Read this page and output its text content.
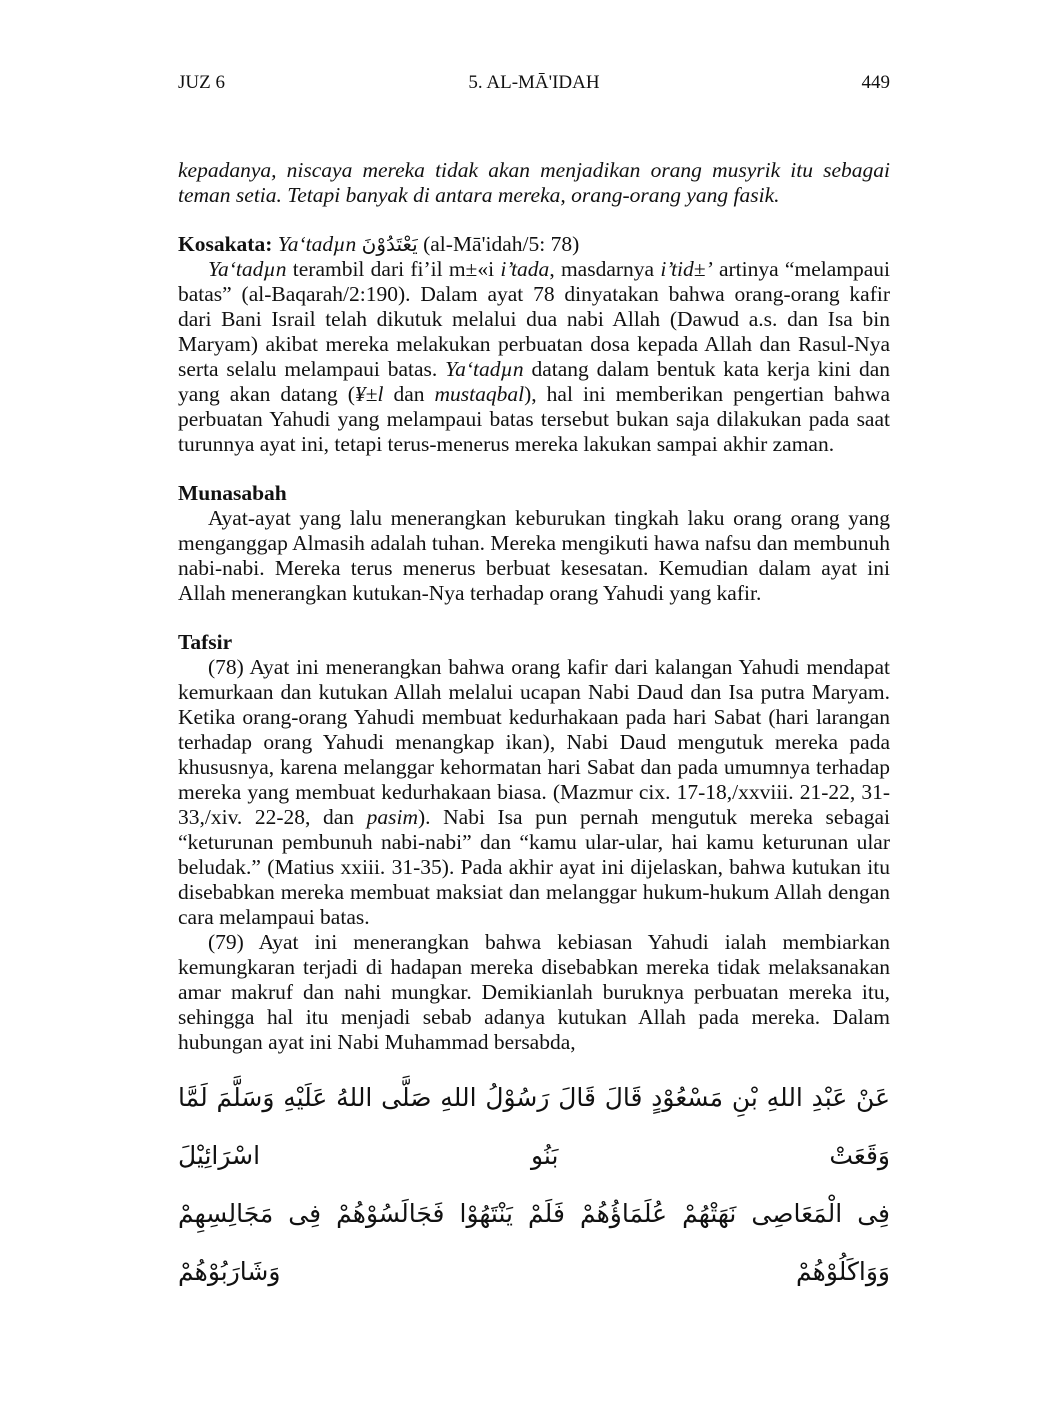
JUZ 6	5. AL-MĀ'IDAH	449

kepadanya, niscaya mereka tidak akan menjadikan orang musyrik itu sebagai teman setia. Tetapi banyak di antara mereka, orang-orang yang fasik.

Kosakata: Ya‘tadµn يَعْتَدُوْنَ (al-Mā'idah/5: 78)

Ya‘tadµn terambil dari fi’il m±«i i’tada, masdarnya i’tid±’ artinya “melampaui batas” (al-Baqarah/2:190). Dalam ayat 78 dinyatakan bahwa orang-orang kafir dari Bani Israil telah dikutuk melalui dua nabi Allah (Dawud a.s. dan Isa bin Maryam) akibat mereka melakukan perbuatan dosa kepada Allah dan Rasul-Nya serta selalu melampaui batas. Ya‘tadµn datang dalam bentuk kata kerja kini dan yang akan datang (¥±l dan mustaqbal), hal ini memberikan pengertian bahwa perbuatan Yahudi yang melampaui batas tersebut bukan saja dilakukan pada saat turunnya ayat ini, tetapi terus-menerus mereka lakukan sampai akhir zaman.

Munasabah

Ayat-ayat yang lalu menerangkan keburukan tingkah laku orang orang yang menganggap Almasih adalah tuhan. Mereka mengikuti hawa nafsu dan membunuh nabi-nabi. Mereka terus menerus berbuat kesesatan. Kemudian dalam ayat ini Allah menerangkan kutukan-Nya terhadap orang Yahudi yang kafir.

Tafsir

(78) Ayat ini menerangkan bahwa orang kafir dari kalangan Yahudi mendapat kemurkaan dan kutukan Allah melalui ucapan Nabi Daud dan Isa putra Maryam. Ketika orang-orang Yahudi membuat kedurhakaan pada hari Sabat (hari larangan terhadap orang Yahudi menangkap ikan), Nabi Daud mengutuk mereka pada khususnya, karena melanggar kehormatan hari Sabat dan pada umumnya terhadap mereka yang membuat kedurhakaan biasa. (Mazmur cix. 17-18,/xxviii. 21-22, 31-33,/xiv. 22-28, dan pasim). Nabi Isa pun pernah mengutuk mereka sebagai “keturunan pembunuh nabi-nabi” dan “kamu ular-ular, hai kamu keturunan ular beludak.” (Matius xxiii. 31-35). Pada akhir ayat ini dijelaskan, bahwa kutukan itu disebabkan mereka membuat maksiat dan melanggar hukum-hukum Allah dengan cara melampaui batas.

(79) Ayat ini menerangkan bahwa kebiasan Yahudi ialah membiarkan kemungkaran terjadi di hadapan mereka disebabkan mereka tidak melaksanakan amar makruf dan nahi mungkar. Demikianlah buruknya perbuatan mereka itu, sehingga hal itu menjadi sebab adanya kutukan Allah pada mereka. Dalam hubungan ayat ini Nabi Muhammad bersabda,

عَنْ عَبْدِ اللهِ بْنِ مَسْعُوْدٍ قَالَ قَالَ رَسُوْلُ اللهِ صَلَّى اللهُ عَلَيْهِ وَسَلَّمَ لَمَّا وَقَعَتْ بَنُو اسْرَائِيْلَ

فِى الْمَعَاصِى نَهَتْهُمْ عُلَمَاؤُهُمْ فَلَمْ يَنْتَهُوْا فَجَالَسُوْهُمْ فِى مَجَالِسِهِمْ وَوَاكَلُوْهُمْ وَشَارَبُوْهُمْ
